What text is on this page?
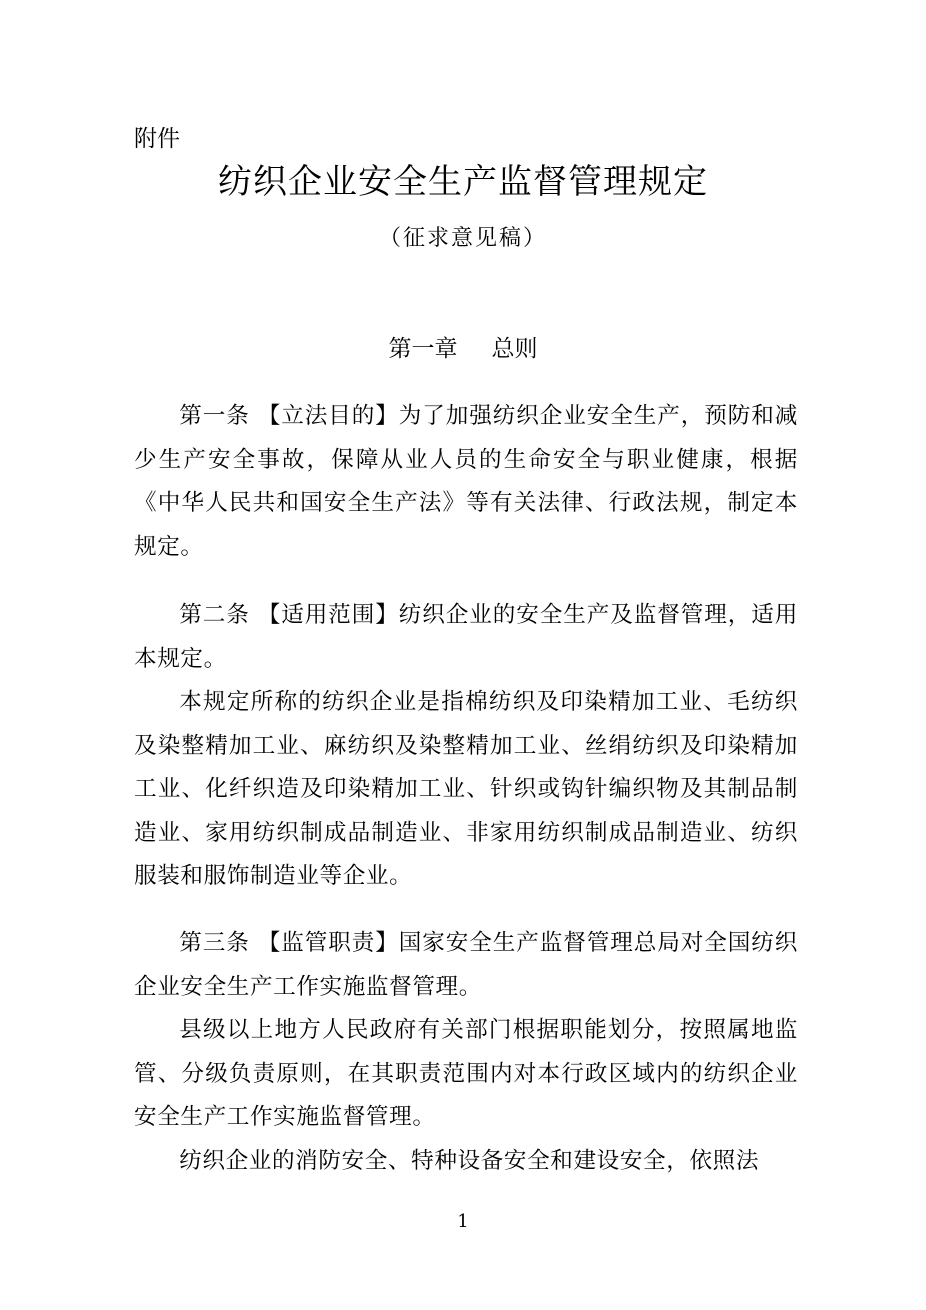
附件
纺织企业安全生产监督管理规定
（征求意见稿）
第一章 总则

第一条 【立法目的】为了加强纺织企业安全生产，预防和减少生产安全事故，保障从业人员的生命安全与职业健康，根据《中华人民共和国安全生产法》等有关法律、行政法规，制定本规定。

第二条 【适用范围】纺织企业的安全生产及监督管理，适用本规定。

本规定所称的纺织企业是指棉纺织及印染精加工业、毛纺织及染整精加工业、麻纺织及染整精加工业、丝绢纺织及印染精加工业、化纤织造及印染精加工业、针织或钩针编织物及其制品制造业、家用纺织制成品制造业、非家用纺织制成品制造业、纺织服装和服饰制造业等企业。

第三条 【监管职责】国家安全生产监督管理总局对全国纺织企业安全生产工作实施监督管理。

县级以上地方人民政府有关部门根据职能划分，按照属地监管、分级负责原则，在其职责范围内对本行政区域内的纺织企业安全生产工作实施监督管理。

纺织企业的消防安全、特种设备安全和建设安全，依照法

1
